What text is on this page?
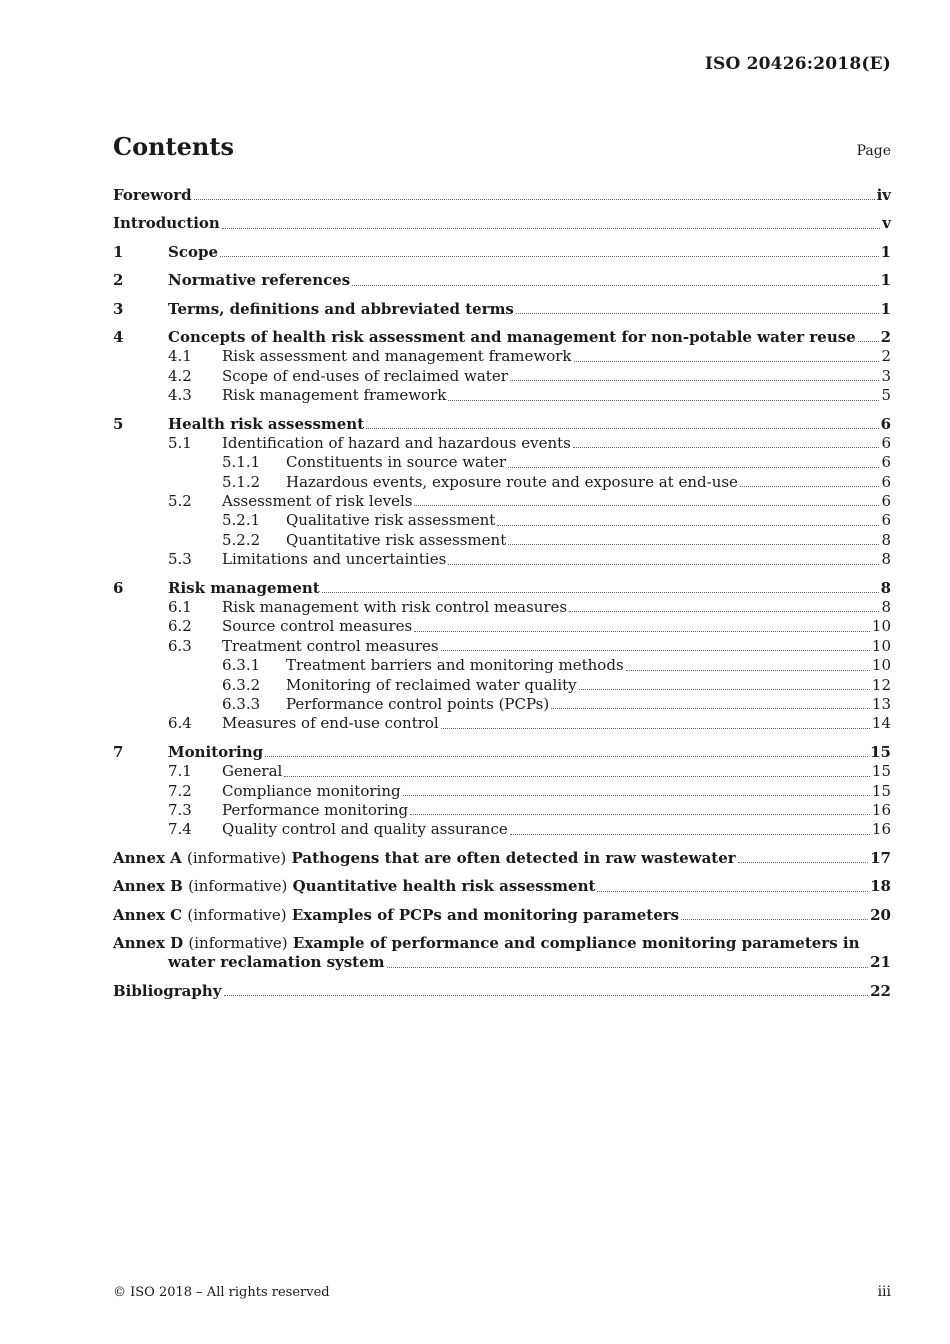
ISO 20426:2018(E)
Contents	Page
Foreword	iv
Introduction	v
1	Scope	1
2	Normative references	1
3	Terms, definitions and abbreviated terms	1
4	Concepts of health risk assessment and management for non-potable water reuse 2
4.1 Risk assessment and management framework	2
4.2 Scope of end-uses of reclaimed water	3
4.3 Risk management framework	5
5	Health risk assessment	6
5.1 Identification of hazard and hazardous events	6
5.1.1 Constituents in source water	6
5.1.2 Hazardous events, exposure route and exposure at end-use	6
5.2 Assessment of risk levels	6
5.2.1 Qualitative risk assessment	6
5.2.2 Quantitative risk assessment	8
5.3 Limitations and uncertainties	8
6	Risk management	8
6.1 Risk management with risk control measures	8
6.2 Source control measures	10
6.3 Treatment control measures	10
6.3.1 Treatment barriers and monitoring methods	10
6.3.2 Monitoring of reclaimed water quality	12
6.3.3 Performance control points (PCPs)	13
6.4 Measures of end-use control	14
7	Monitoring	15
7.1 General	15
7.2 Compliance monitoring	15
7.3 Performance monitoring	16
7.4 Quality control and quality assurance	16
Annex A (informative) Pathogens that are often detected in raw wastewater	17
Annex B (informative) Quantitative health risk assessment	18
Annex C (informative) Examples of PCPs and monitoring parameters	20
Annex D (informative) Example of performance and compliance monitoring parameters in
water reclamation system	21
Bibliography	22
© ISO 2018 – All rights reserved	iii
